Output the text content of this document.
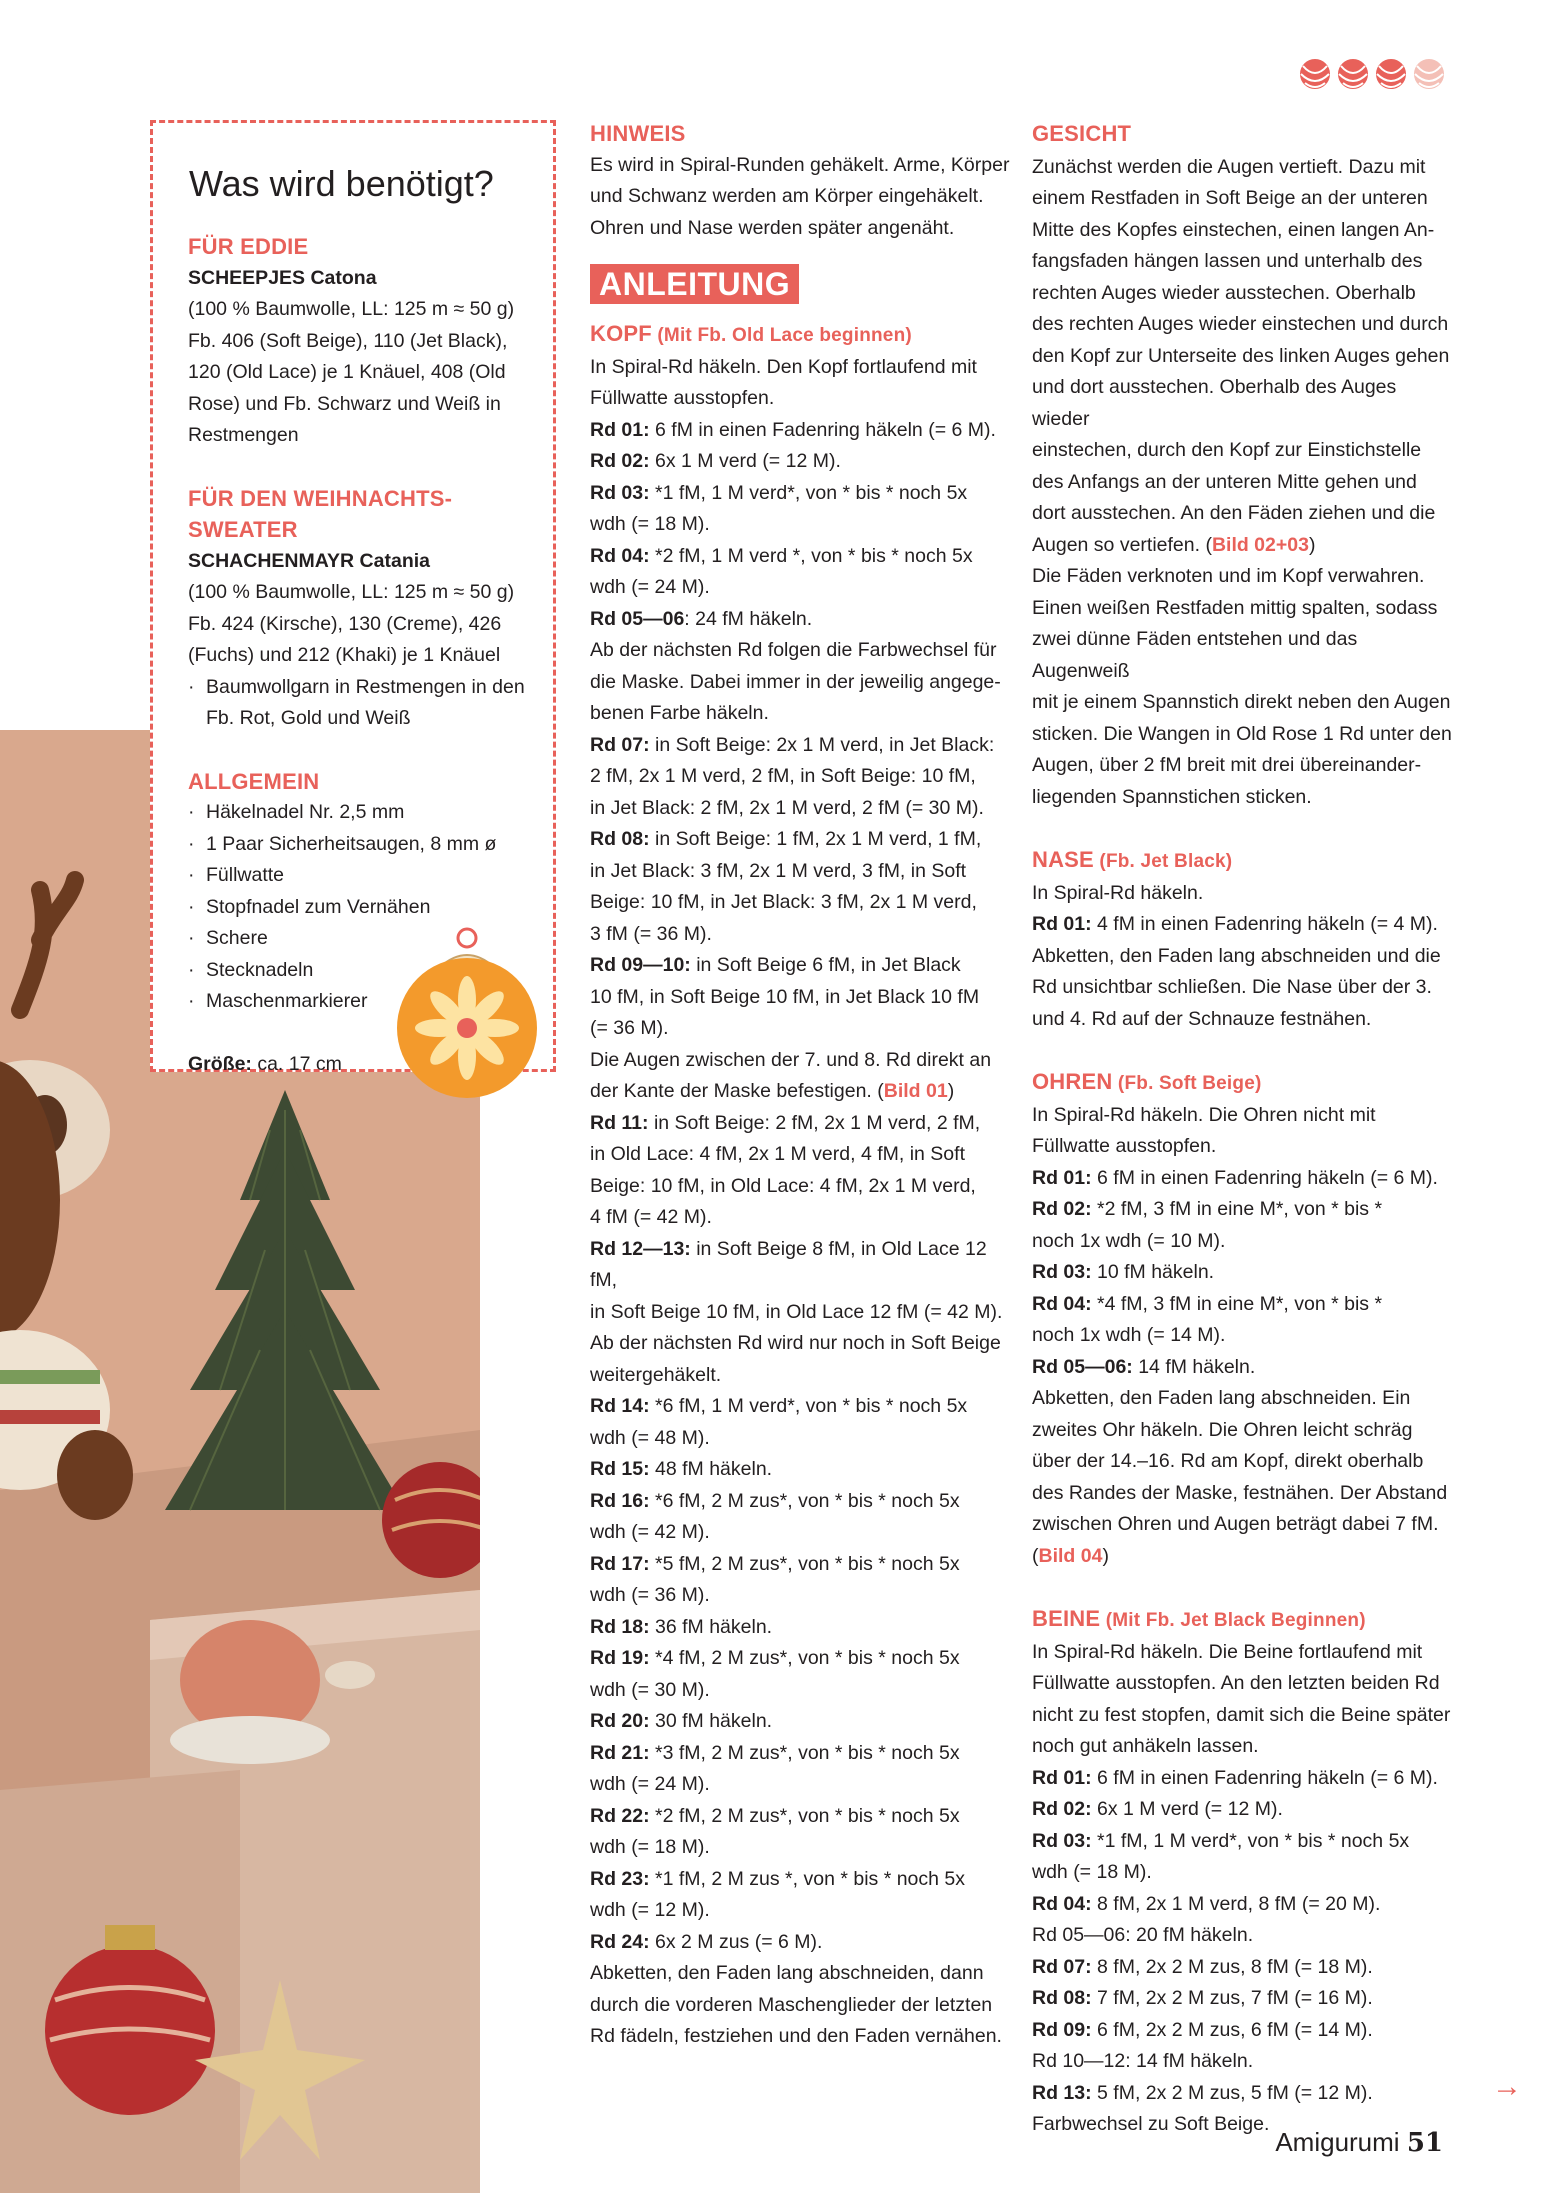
Was wird benötigt?

FÜR EDDIE

SCHEEPJES Catona

(100 % Baumwolle, LL: 125 m ≈ 50 g)

Fb. 406 (Soft Beige), 110 (Jet Black),

120 (Old Lace) je 1 Knäuel, 408 (Old

Rose) und Fb. Schwarz und Weiß in

Restmengen

FÜR DEN WEIHNACHTS-SWEATER

SCHACHENMAYR Catania

(100 % Baumwolle, LL: 125 m ≈ 50 g)

Fb. 424 (Kirsche), 130 (Creme), 426

(Fuchs) und 212 (Khaki) je 1 Knäuel

· Baumwollgarn in Restmengen in den

Fb. Rot, Gold und Weiß

ALLGEMEIN

· Häkelnadel Nr. 2,5 mm
· 1 Paar Sicherheitsaugen, 8 mm ø
· Füllwatte
· Stopfnadel zum Vernähen
· Schere
· Stecknadeln
· Maschenmarkierer

Größe: ca. 17 cm

HINWEIS

Es wird in Spiral-Runden gehäkelt. Arme, Körper

und Schwanz werden am Körper eingehäkelt.

Ohren und Nase werden später angenäht.

ANLEITUNG

KOPF (Mit Fb. Old Lace beginnen)

In Spiral-Rd häkeln. Den Kopf fortlaufend mit

Füllwatte ausstopfen.

Rd 01: 6 fM in einen Fadenring häkeln (= 6 M).

Rd 02: 6x 1 M verd (= 12 M).

Rd 03: *1 fM, 1 M verd*, von * bis * noch 5x

wdh (= 18 M).

Rd 04: *2 fM, 1 M verd *, von * bis * noch 5x

wdh (= 24 M).

Rd 05—06: 24 fM häkeln.

Ab der nächsten Rd folgen die Farbwechsel für

die Maske. Dabei immer in der jeweilig angege-

benen Farbe häkeln.

Rd 07: in Soft Beige: 2x 1 M verd, in Jet Black:

2 fM, 2x 1 M verd, 2 fM, in Soft Beige: 10 fM,

in Jet Black: 2 fM, 2x 1 M verd, 2 fM (= 30 M).

Rd 08: in Soft Beige: 1 fM, 2x 1 M verd, 1 fM,

in Jet Black: 3 fM, 2x 1 M verd, 3 fM, in Soft

Beige: 10 fM, in Jet Black: 3 fM, 2x 1 M verd,

3 fM (= 36 M).

Rd 09—10: in Soft Beige 6 fM, in Jet Black

10 fM, in Soft Beige 10 fM, in Jet Black 10 fM

(= 36 M).

Die Augen zwischen der 7. und 8. Rd direkt an

der Kante der Maske befestigen. (Bild 01)

Rd 11: in Soft Beige: 2 fM, 2x 1 M verd, 2 fM,

in Old Lace: 4 fM, 2x 1 M verd, 4 fM, in Soft

Beige: 10 fM, in Old Lace: 4 fM, 2x 1 M verd,

4 fM (= 42 M).

Rd 12—13: in Soft Beige 8 fM, in Old Lace 12 fM,

in Soft Beige 10 fM, in Old Lace 12 fM (= 42 M).

Ab der nächsten Rd wird nur noch in Soft Beige

weitergehäkelt.

Rd 14: *6 fM, 1 M verd*, von * bis * noch 5x

wdh (= 48 M).

Rd 15: 48 fM häkeln.

Rd 16: *6 fM, 2 M zus*, von * bis * noch 5x

wdh (= 42 M).

Rd 17: *5 fM, 2 M zus*, von * bis * noch 5x

wdh (= 36 M).

Rd 18: 36 fM häkeln.

Rd 19: *4 fM, 2 M zus*, von * bis * noch 5x

wdh (= 30 M).

Rd 20: 30 fM häkeln.

Rd 21: *3 fM, 2 M zus*, von * bis * noch 5x

wdh (= 24 M).

Rd 22: *2 fM, 2 M zus*, von * bis * noch 5x

wdh (= 18 M).

Rd 23: *1 fM, 2 M zus *, von * bis * noch 5x

wdh (= 12 M).

Rd 24: 6x 2 M zus (= 6 M).

Abketten, den Faden lang abschneiden, dann

durch die vorderen Maschenglieder der letzten

Rd fädeln, festziehen und den Faden vernähen.

GESICHT

Zunächst werden die Augen vertieft. Dazu mit

einem Restfaden in Soft Beige an der unteren

Mitte des Kopfes einstechen, einen langen An-

fangsfaden hängen lassen und unterhalb des

rechten Auges wieder ausstechen. Oberhalb

des rechten Auges wieder einstechen und durch

den Kopf zur Unterseite des linken Auges gehen

und dort ausstechen. Oberhalb des Auges wieder

einstechen, durch den Kopf zur Einstichstelle

des Anfangs an der unteren Mitte gehen und

dort ausstechen. An den Fäden ziehen und die

Augen so vertiefen. (Bild 02+03)

Die Fäden verknoten und im Kopf verwahren.

Einen weißen Restfaden mittig spalten, sodass

zwei dünne Fäden entstehen und das Augenweiß

mit je einem Spannstich direkt neben den Augen

sticken. Die Wangen in Old Rose 1 Rd unter den

Augen, über 2 fM breit mit drei übereinander-

liegenden Spannstichen sticken.

NASE (Fb. Jet Black)

In Spiral-Rd häkeln.

Rd 01: 4 fM in einen Fadenring häkeln (= 4 M).

Abketten, den Faden lang abschneiden und die

Rd unsichtbar schließen. Die Nase über der 3.

und 4. Rd auf der Schnauze festnähen.

OHREN (Fb. Soft Beige)

In Spiral-Rd häkeln. Die Ohren nicht mit

Füllwatte ausstopfen.

Rd 01: 6 fM in einen Fadenring häkeln (= 6 M).

Rd 02: *2 fM, 3 fM in eine M*, von * bis *

noch 1x wdh (= 10 M).

Rd 03: 10 fM häkeln.

Rd 04: *4 fM, 3 fM in eine M*, von * bis *

noch 1x wdh (= 14 M).

Rd 05—06: 14 fM häkeln.

Abketten, den Faden lang abschneiden. Ein

zweites Ohr häkeln. Die Ohren leicht schräg

über der 14.–16. Rd am Kopf, direkt oberhalb

des Randes der Maske, festnähen. Der Abstand

zwischen Ohren und Augen beträgt dabei 7 fM.

(Bild 04)

BEINE (Mit Fb. Jet Black Beginnen)

In Spiral-Rd häkeln. Die Beine fortlaufend mit

Füllwatte ausstopfen. An den letzten beiden Rd

nicht zu fest stopfen, damit sich die Beine später

noch gut anhäkeln lassen.

Rd 01: 6 fM in einen Fadenring häkeln (= 6 M).

Rd 02: 6x 1 M verd (= 12 M).

Rd 03: *1 fM, 1 M verd*, von * bis * noch 5x

wdh (= 18 M).

Rd 04: 8 fM, 2x 1 M verd, 8 fM (= 20 M).

Rd 05—06: 20 fM häkeln.

Rd 07: 8 fM, 2x 2 M zus, 8 fM (= 18 M).

Rd 08: 7 fM, 2x 2 M zus, 7 fM (= 16 M).

Rd 09: 6 fM, 2x 2 M zus, 6 fM (= 14 M).

Rd 10—12: 14 fM häkeln.

Rd 13: 5 fM, 2x 2 M zus, 5 fM (= 12 M).

Farbwechsel zu Soft Beige.

→
Amigurumi 51
